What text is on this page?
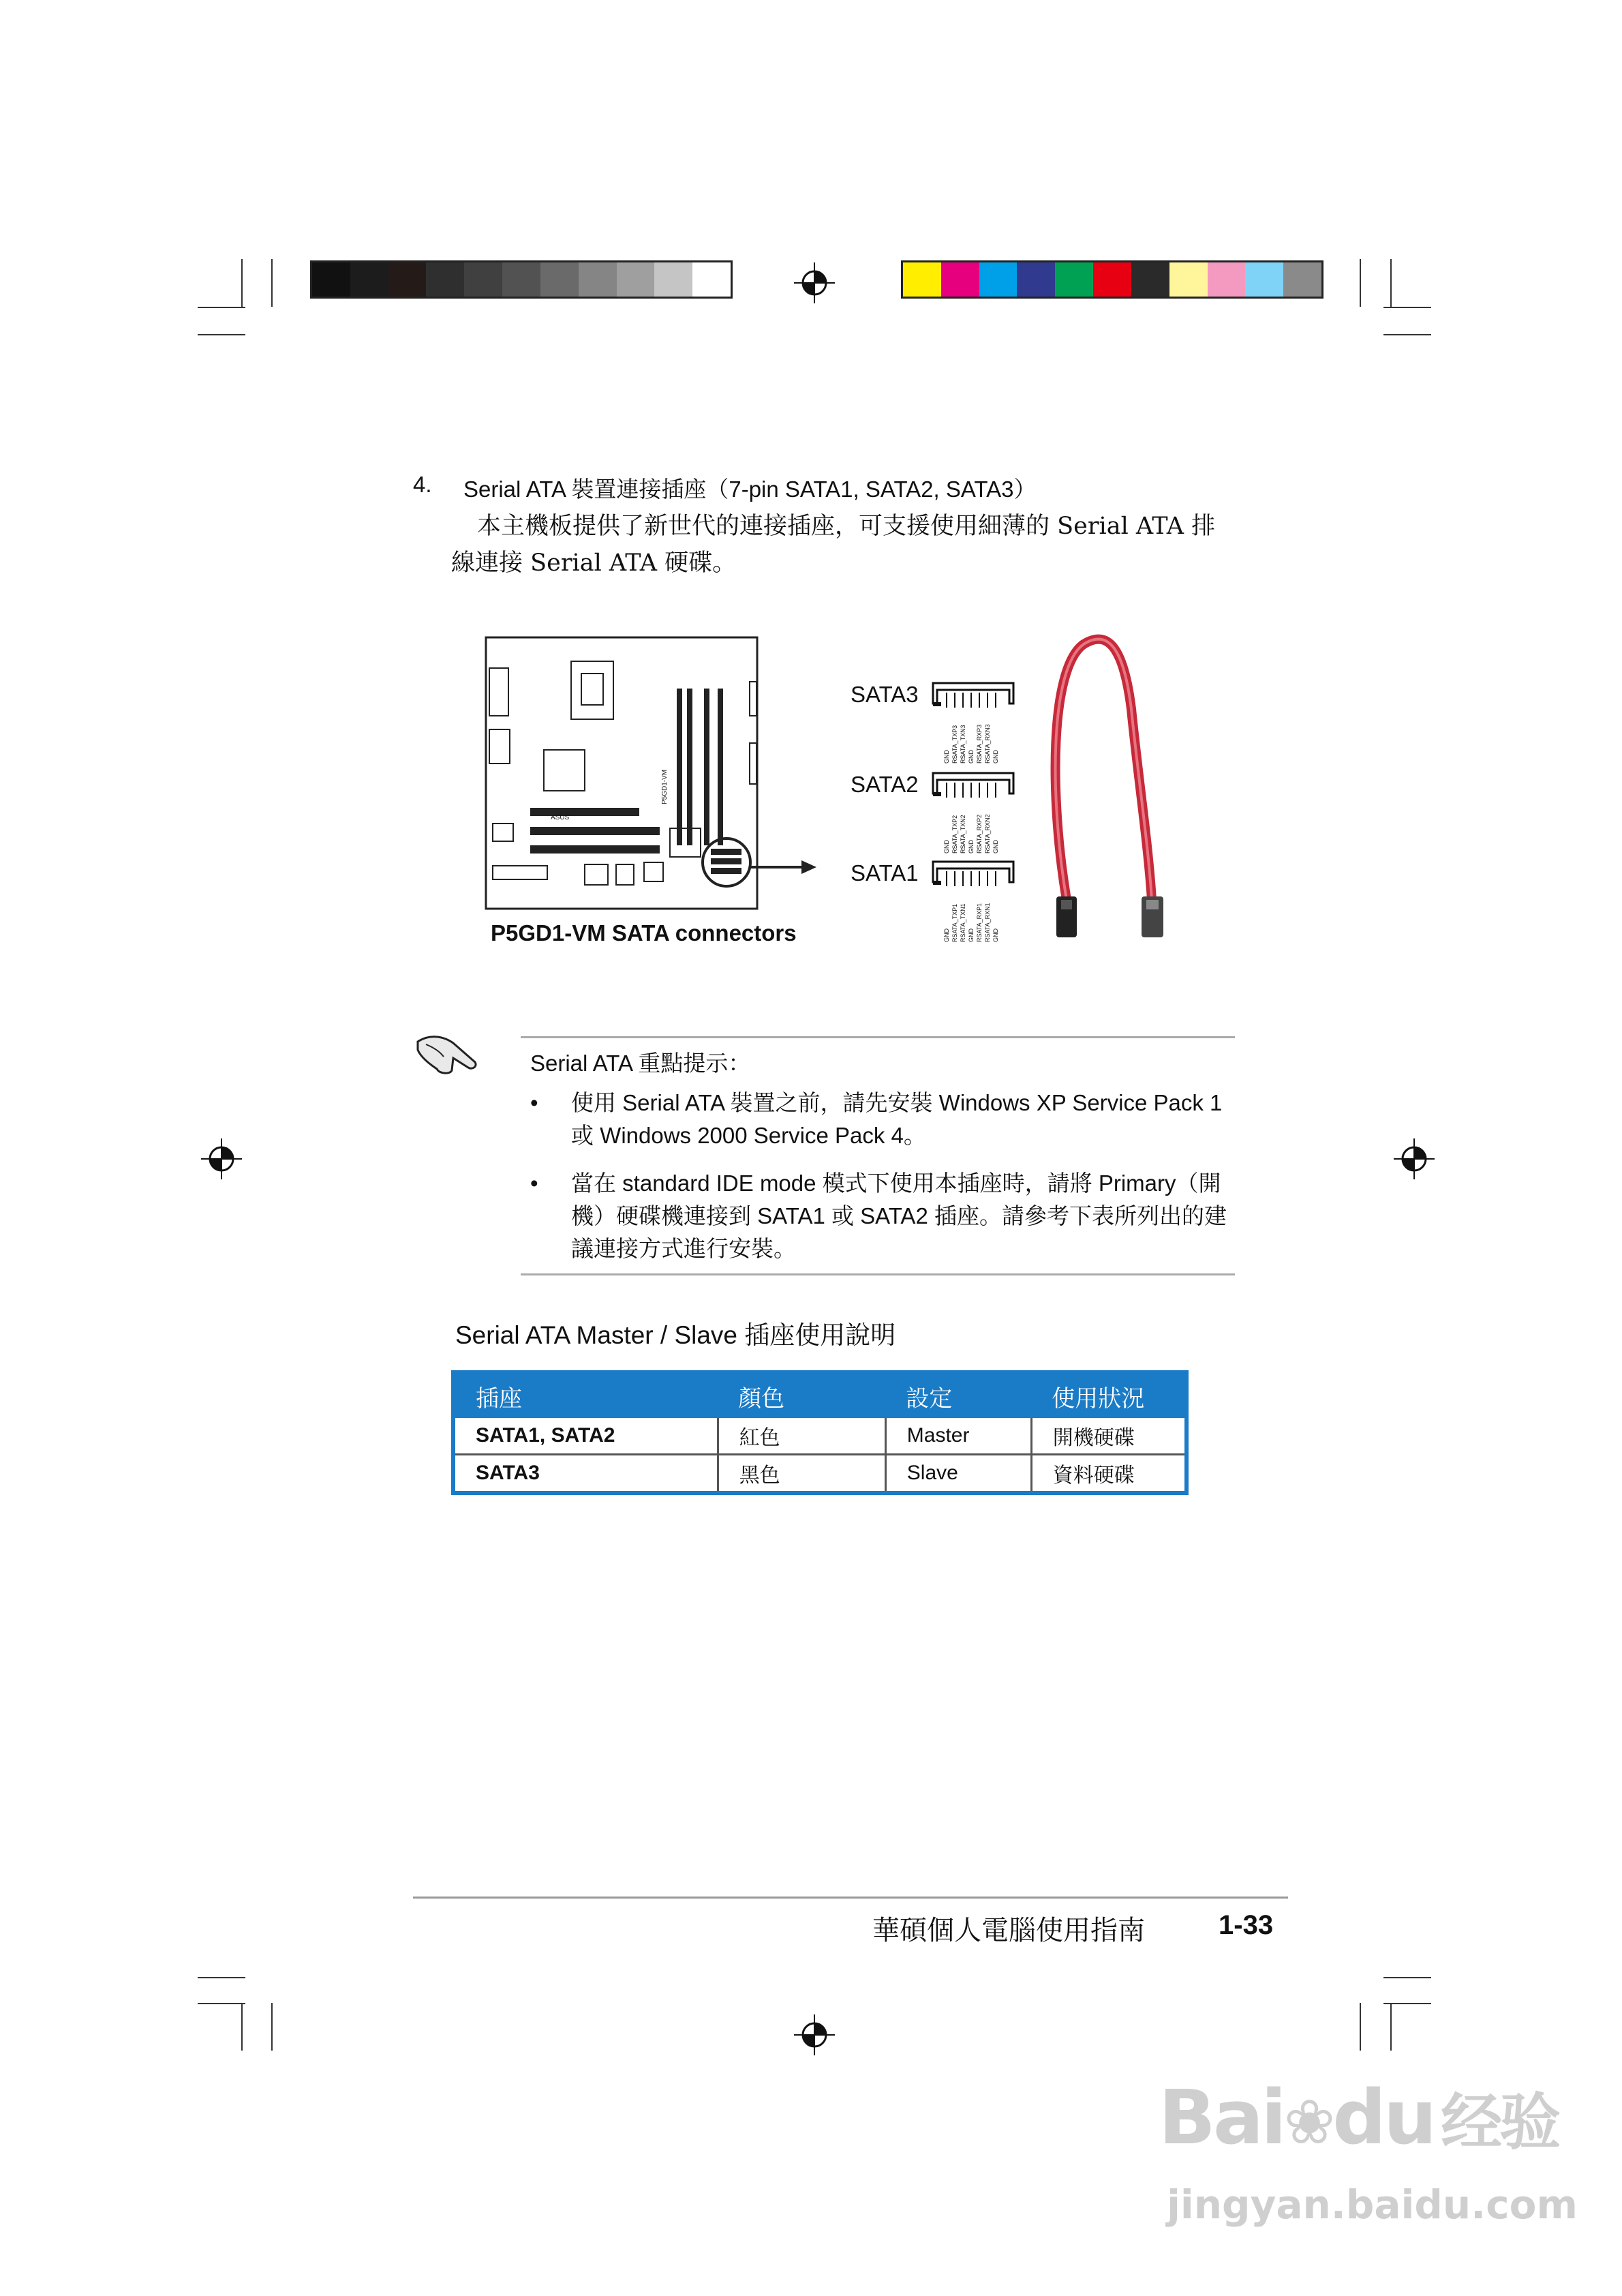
4. Serial ATA 裝置連接插座（7-pin SATA1, SATA2, SATA3）
本主機板提供了新世代的連接插座，可支援使用細薄的 Serial ATA 排
線連接 Serial ATA 硬碟。
ASUS
P5GD1-VM
P5GD1-VM SATA connectors
SATA3
GND RSATA_TXP3 RSATA_TXN3 GND RSATA_RXP3 RSATA_RXN3 GND
SATA2
GND RSATA_TXP2 RSATA_TXN2 GND RSATA_RXP2 RSATA_RXN2 GND
SATA1
GND RSATA_TXP1 RSATA_TXN1 GND RSATA_RXP1 RSATA_RXN1 GND
Serial ATA 重點提示：
• 使用 Serial ATA 裝置之前，請先安裝 Windows XP Service Pack 1
或 Windows 2000 Service Pack 4。
• 當在 standard IDE mode 模式下使用本插座時，請將 Primary（開
機）硬碟機連接到 SATA1 或 SATA2 插座。請參考下表所列出的建
議連接方式進行安裝。
Serial ATA Master / Slave 插座使用說明
插座	顏色	設定	使用狀況
SATA1, SATA2	紅色	Master	開機硬碟
SATA3	黑色	Slave	資料硬碟
華碩個人電腦使用指南	1-33
Bai❀du 经验
jingyan.baidu.com
